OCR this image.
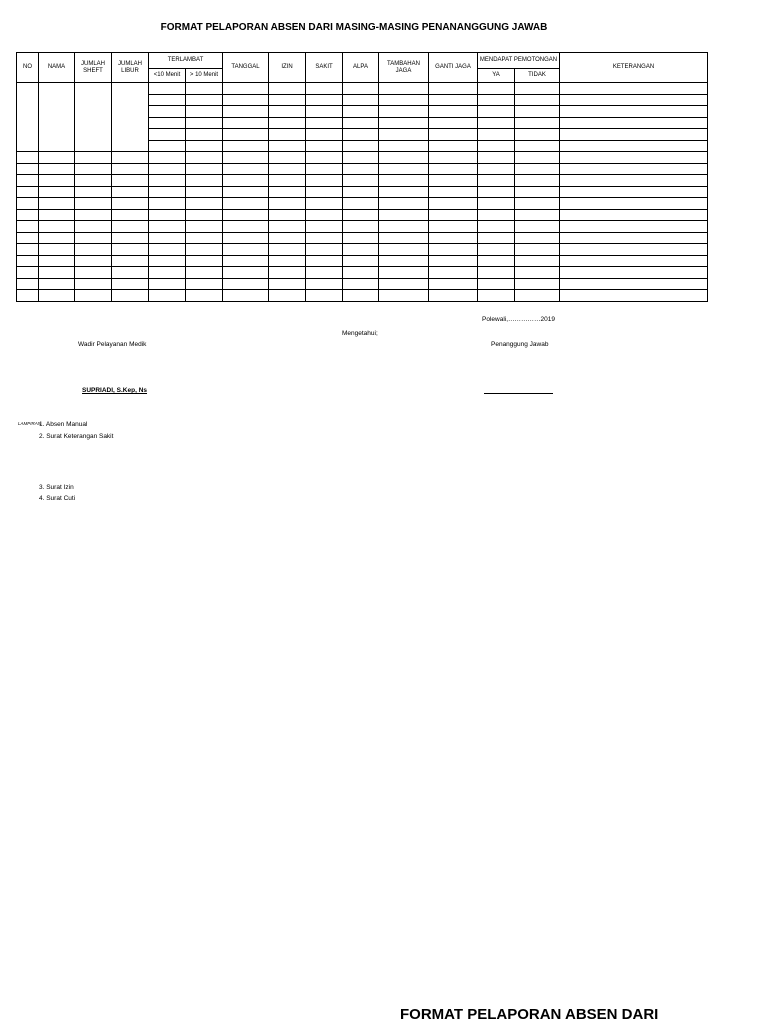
FORMAT PELAPORAN ABSEN DARI MASING-MASING PENANANGGUNG JAWAB
NO	NAMA	JUMLAH SHEFT	JUMLAH LIBUR	TERLAMBAT		TANGGAL	IZIN	SAKIT	ALPA	TAMBAHAN JAGA	GANTI JAGA	MENDAPAT PEMOTONGAN		KETERANGAN
				<10 Menit	> 10 Menit							YA	TIDAK	

Polewali,……………2019
Mengetahui;
Wadir Pelayanan Medik	Penanggung Jawab
SUPRIADI, S.Kep, Ns
LAMPIRAN
1. Absen Manual
2. Surat Keterangan Sakit
3. Surat Izin
4. Surat Cuti
FORMAT PELAPORAN ABSEN DARI
